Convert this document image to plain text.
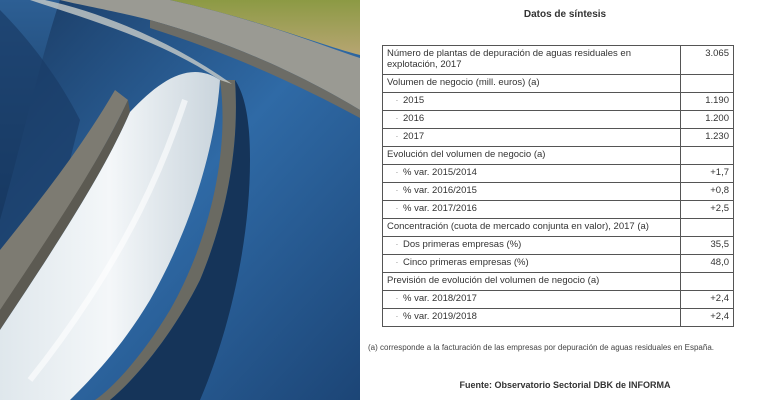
Datos de síntesis
Número de plantas de depuración de aguas residuales en explotación, 2017	3.065
Volumen de negocio (mill. euros) (a)	
· 2015	1.190
· 2016	1.200
· 2017	1.230
Evolución del volumen de negocio (a)	
· % var. 2015/2014	+1,7
· % var. 2016/2015	+0,8
· % var. 2017/2016	+2,5
Concentración (cuota de mercado conjunta en valor), 2017 (a)	
· Dos primeras empresas (%)	35,5
· Cinco primeras empresas (%)	48,0
Previsión de evolución del volumen de negocio (a)	
· % var. 2018/2017	+2,4
· % var. 2019/2018	+2,4
(a) corresponde a la facturación de las empresas por depuración de aguas residuales en España.
Fuente: Observatorio Sectorial DBK de INFORMA
